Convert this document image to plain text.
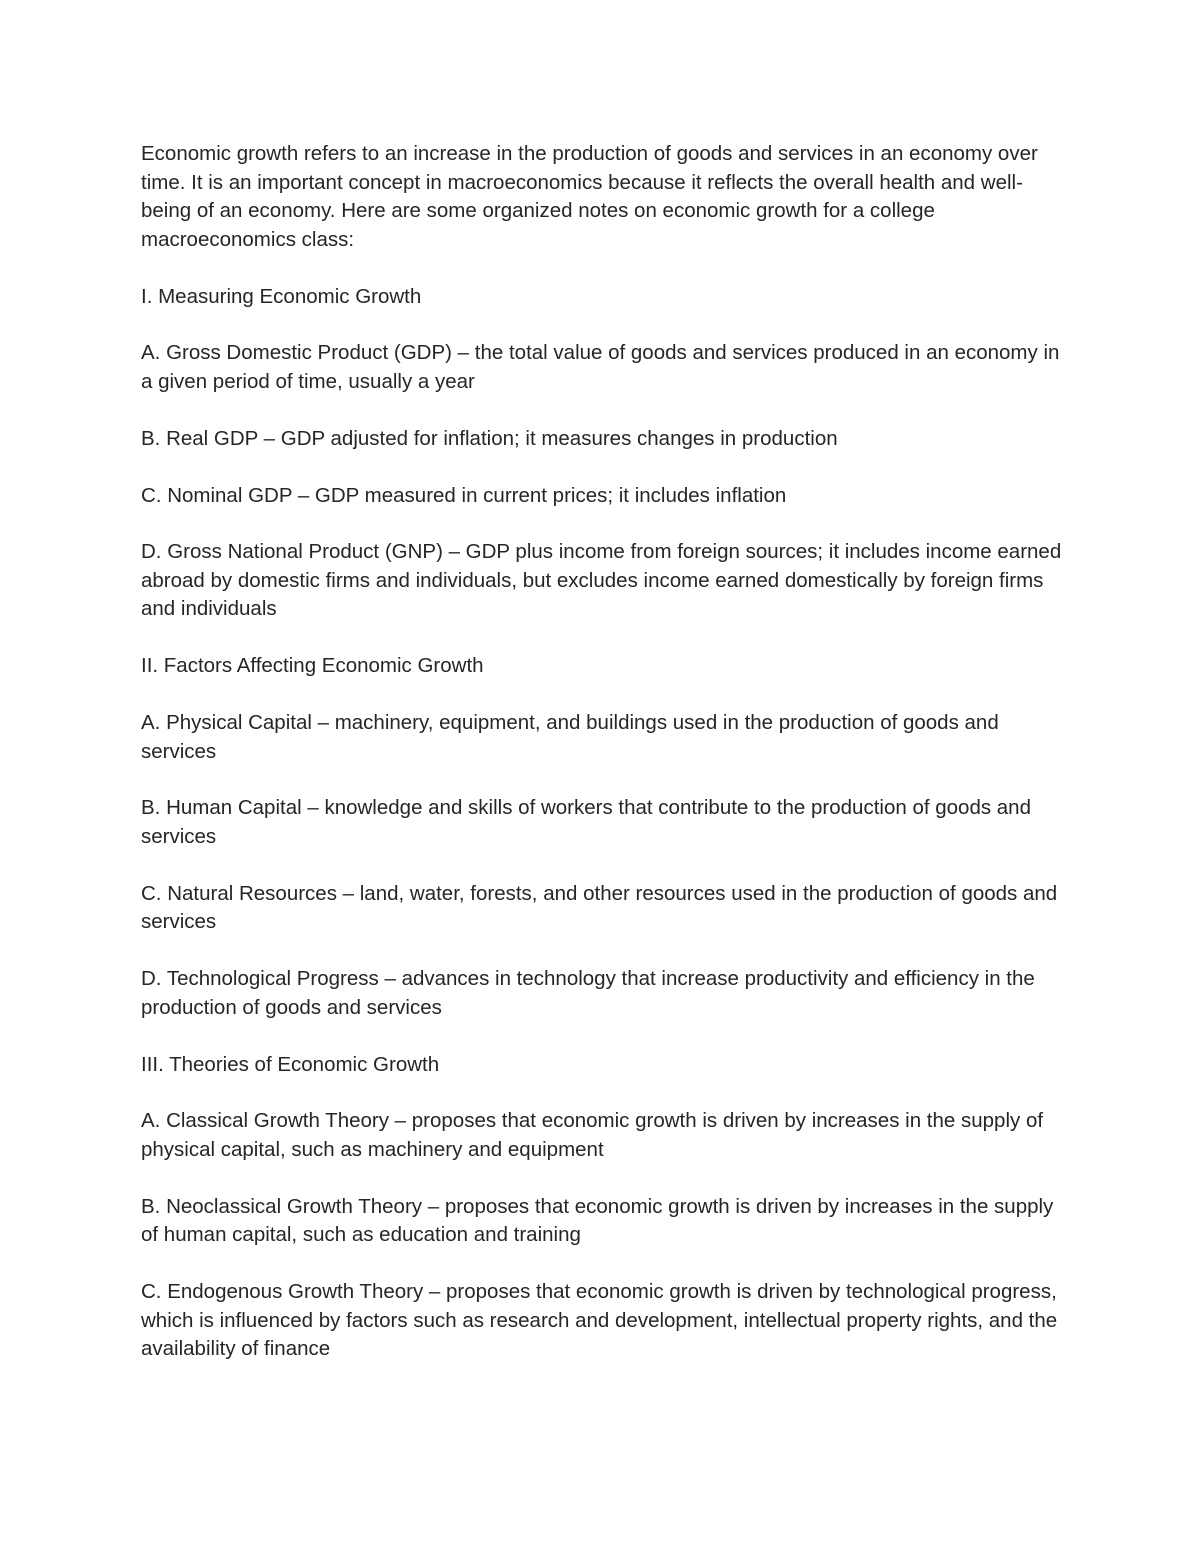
Economic growth refers to an increase in the production of goods and services in an economy over time. It is an important concept in macroeconomics because it reflects the overall health and well-being of an economy. Here are some organized notes on economic growth for a college macroeconomics class:

I. Measuring Economic Growth

A. Gross Domestic Product (GDP) – the total value of goods and services produced in an economy in a given period of time, usually a year

B. Real GDP – GDP adjusted for inflation; it measures changes in production

C. Nominal GDP – GDP measured in current prices; it includes inflation

D. Gross National Product (GNP) – GDP plus income from foreign sources; it includes income earned abroad by domestic firms and individuals, but excludes income earned domestically by foreign firms and individuals

II. Factors Affecting Economic Growth

A. Physical Capital – machinery, equipment, and buildings used in the production of goods and services

B. Human Capital – knowledge and skills of workers that contribute to the production of goods and services

C. Natural Resources – land, water, forests, and other resources used in the production of goods and services

D. Technological Progress – advances in technology that increase productivity and efficiency in the production of goods and services

III. Theories of Economic Growth

A. Classical Growth Theory – proposes that economic growth is driven by increases in the supply of physical capital, such as machinery and equipment

B. Neoclassical Growth Theory – proposes that economic growth is driven by increases in the supply of human capital, such as education and training

C. Endogenous Growth Theory – proposes that economic growth is driven by technological progress, which is influenced by factors such as research and development, intellectual property rights, and the availability of finance
